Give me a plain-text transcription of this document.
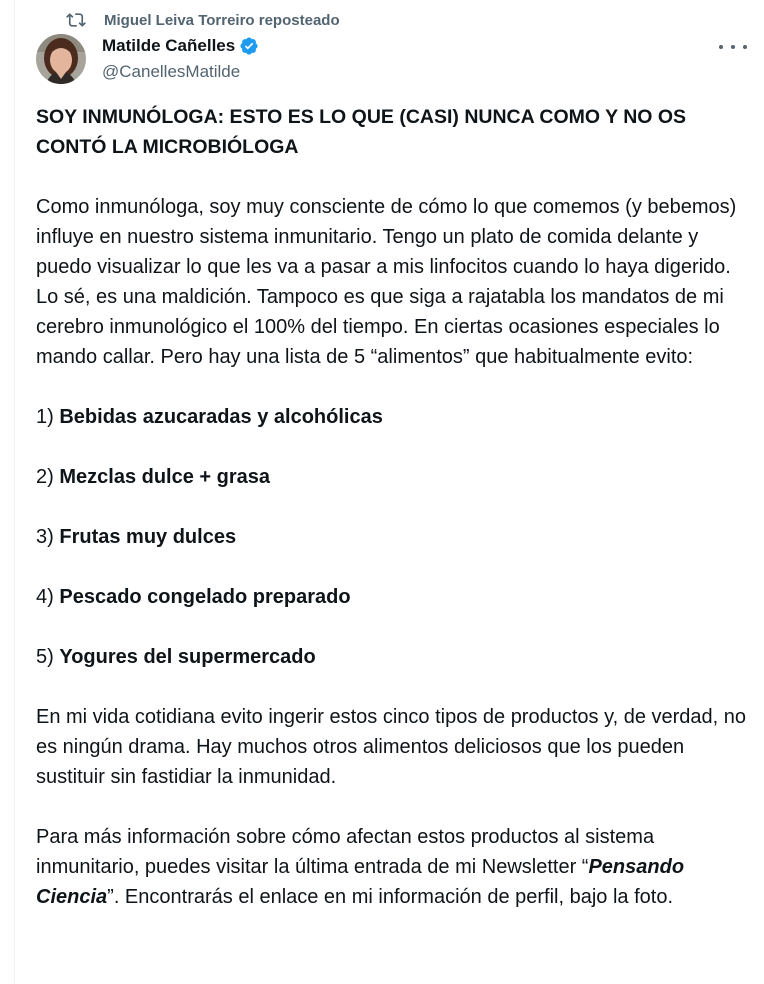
Miguel Leiva Torreiro reposteado
Matilde Cañelles
@CanellesMatilde

SOY INMUNÓLOGA: ESTO ES LO QUE (CASI) NUNCA COMO Y NO OS CONTÓ LA MICROBIÓLOGA

Como inmunóloga, soy muy consciente de cómo lo que comemos (y bebemos) influye en nuestro sistema inmunitario. Tengo un plato de comida delante y puedo visualizar lo que les va a pasar a mis linfocitos cuando lo haya digerido. Lo sé, es una maldición. Tampoco es que siga a rajatabla los mandatos de mi cerebro inmunológico el 100% del tiempo. En ciertas ocasiones especiales lo mando callar. Pero hay una lista de 5 “alimentos” que habitualmente evito:

1) Bebidas azucaradas y alcohólicas

2) Mezclas dulce + grasa

3) Frutas muy dulces

4) Pescado congelado preparado

5) Yogures del supermercado

En mi vida cotidiana evito ingerir estos cinco tipos de productos y, de verdad, no es ningún drama. Hay muchos otros alimentos deliciosos que los pueden sustituir sin fastidiar la inmunidad.

Para más información sobre cómo afectan estos productos al sistema inmunitario, puedes visitar la última entrada de mi Newsletter “Pensando Ciencia”. Encontrarás el enlace en mi información de perfil, bajo la foto.
